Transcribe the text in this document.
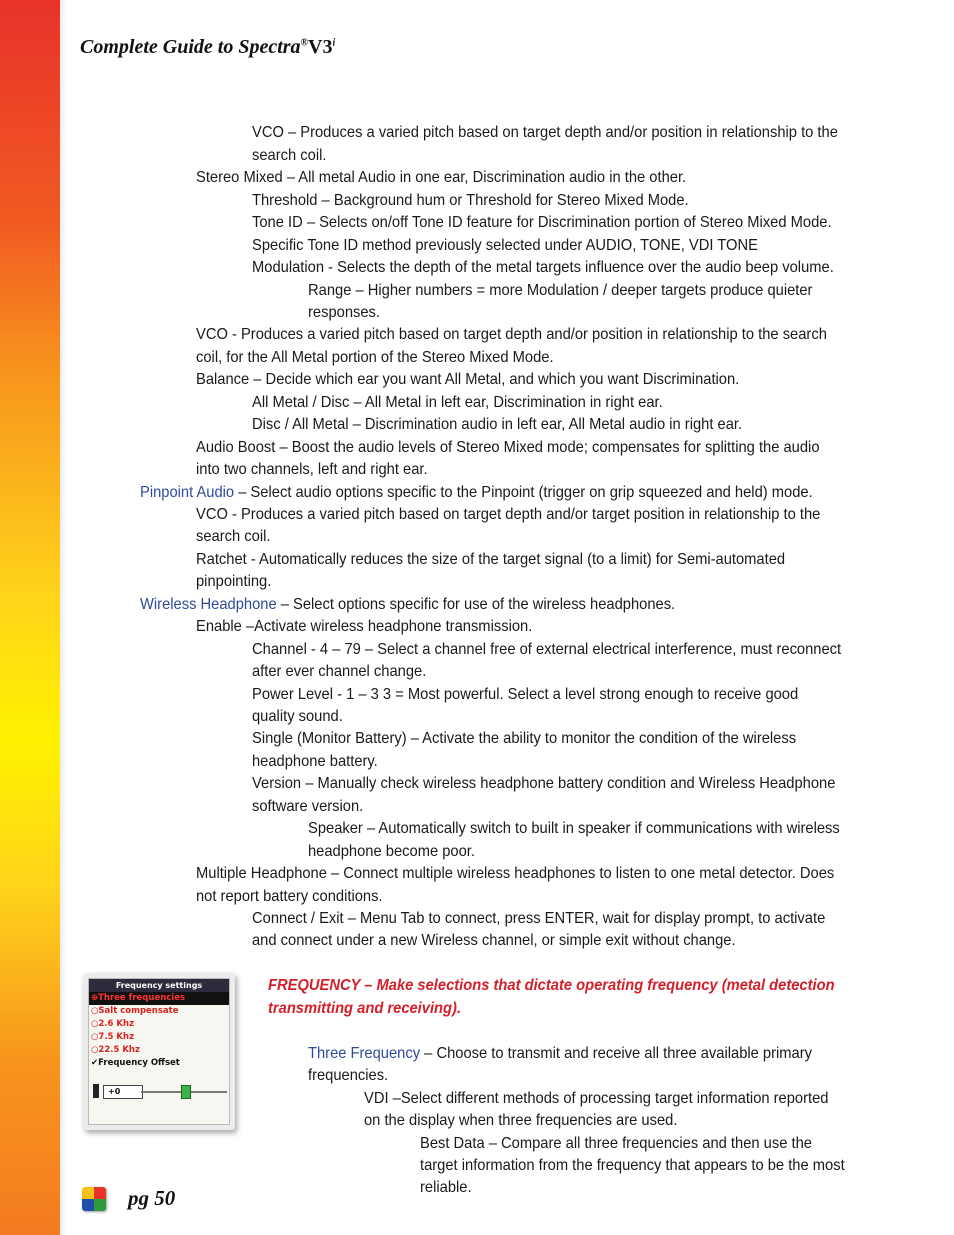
Complete Guide to Spectra®V3$^i$
VCO – Produces a varied pitch based on target depth and/or position in relationship to the
search coil.
Stereo Mixed – All metal Audio in one ear, Discrimination audio in the other.
Threshold – Background hum or Threshold for Stereo Mixed Mode.
Tone ID – Selects on/off Tone ID feature for Discrimination portion of Stereo Mixed Mode.
Specific Tone ID method previously selected under AUDIO, TONE, VDI TONE
Modulation - Selects the depth of the metal targets influence over the audio beep volume.
Range – Higher numbers = more Modulation / deeper targets produce quieter
responses.
VCO - Produces a varied pitch based on target depth and/or position in relationship to the search
coil, for the All Metal portion of the Stereo Mixed Mode.
Balance – Decide which ear you want All Metal, and which you want Discrimination.
All Metal / Disc – All Metal in left ear, Discrimination in right ear.
Disc / All Metal – Discrimination audio in left ear, All Metal audio in right ear.
Audio Boost – Boost the audio levels of Stereo Mixed mode; compensates for splitting the audio
into two channels, left and right ear.
Pinpoint Audio – Select audio options specific to the Pinpoint (trigger on grip squeezed and held) mode.
VCO - Produces a varied pitch based on target depth and/or target position in relationship to the
search coil.
Ratchet - Automatically reduces the size of the target signal (to a limit) for Semi-automated
pinpointing.
Wireless Headphone – Select options specific for use of the wireless headphones.
Enable –Activate wireless headphone transmission.
Channel - 4 – 79 – Select a channel free of external electrical interference, must reconnect
after ever channel change.
Power Level - 1 – 3 3 = Most powerful. Select a level strong enough to receive good
quality sound.
Single (Monitor Battery) – Activate the ability to monitor the condition of the wireless
headphone battery.
Version – Manually check wireless headphone battery condition and Wireless Headphone
software version.
Speaker – Automatically switch to built in speaker if communications with wireless
headphone become poor.
Multiple Headphone – Connect multiple wireless headphones to listen to one metal detector. Does
not report battery conditions.
Connect / Exit – Menu Tab to connect, press ENTER, wait for display prompt, to activate
and connect under a new Wireless channel, or simple exit without change.
FREQUENCY – Make selections that dictate operating frequency (metal detection
transmitting and receiving).
Three Frequency – Choose to transmit and receive all three available primary
frequencies.
VDI –Select different methods of processing target information reported
on the display when three frequencies are used.
Best Data – Compare all three frequencies and then use the
target information from the frequency that appears to be the most
reliable.
Frequency settings
⊕Three frequencies
○Salt compensate
○2.6 Khz
○7.5 Khz
○22.5 Khz
✔Frequency Offset
+0
pg 50
